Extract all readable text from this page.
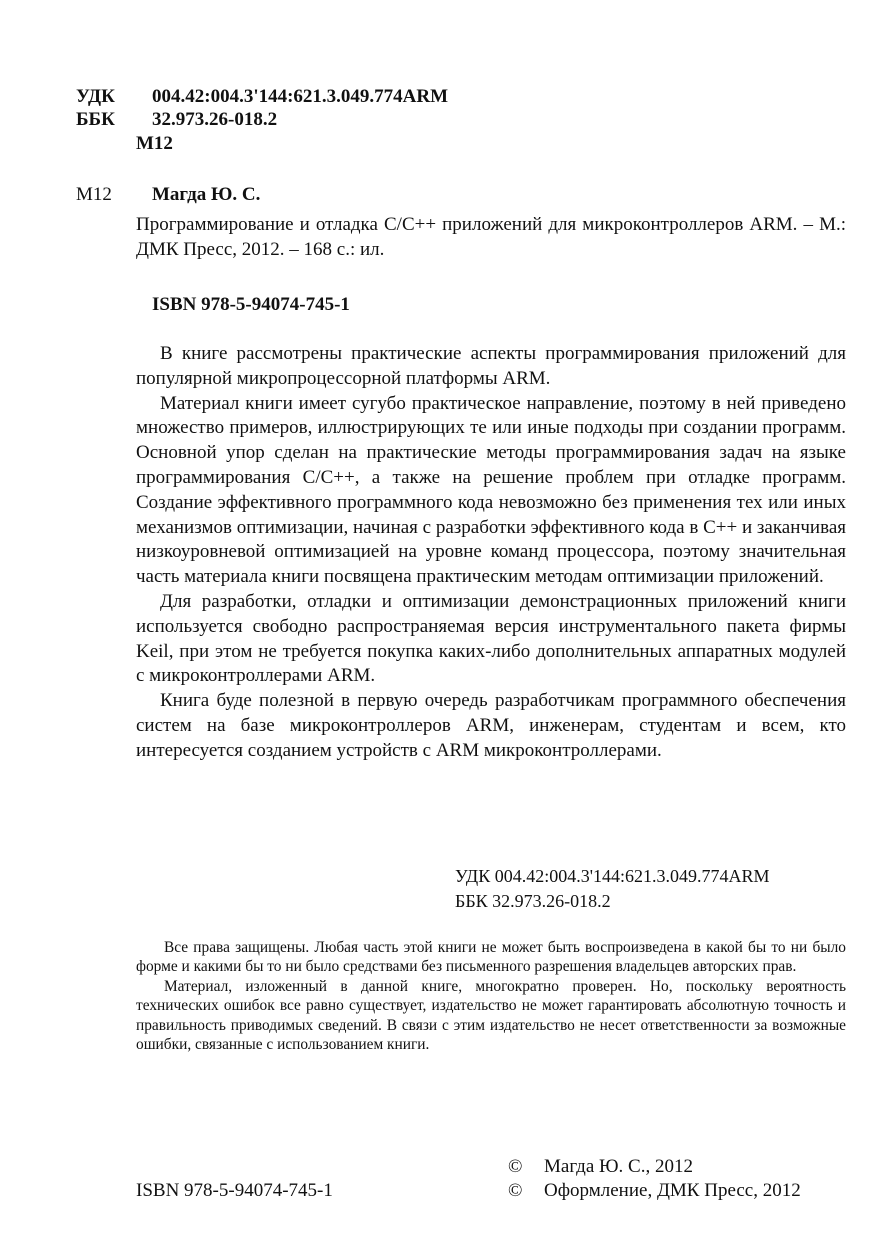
УДК 004.42:004.3'144:621.3.049.774ARM
ББК 32.973.26-018.2
М12
М12 Магда Ю. С.
Программирование и отладка С/С++ приложений для микроконтроллеров ARM. – М.: ДМК Пресс, 2012. – 168 с.: ил.
ISBN 978-5-94074-745-1

В книге рассмотрены практические аспекты программирования приложений для популярной микропроцессорной платформы ARM.

Материал книги имеет сугубо практическое направление, поэтому в ней приведено множество примеров, иллюстрирующих те или иные подходы при создании программ. Основной упор сделан на практические методы программирования задач на языке программирования С/С++, а также на решение проблем при отладке программ. Создание эффективного программного кода невозможно без применения тех или иных механизмов оптимизации, начиная с разработки эффективного кода в С++ и заканчивая низкоуровневой оптимизацией на уровне команд процессора, поэтому значительная часть материала книги посвящена практическим методам оптимизации приложений.

Для разработки, отладки и оптимизации демонстрационных приложений книги используется свободно распространяемая версия инструментального пакета фирмы Keil, при этом не требуется покупка каких-либо дополнительных аппаратных модулей с микроконтроллерами ARM.

Книга буде полезной в первую очередь разработчикам программного обеспечения систем на базе микроконтроллеров ARM, инженерам, студентам и всем, кто интересуется созданием устройств с ARM микроконтроллерами.

УДК 004.42:004.3'144:621.3.049.774ARM
ББК 32.973.26-018.2

Все права защищены. Любая часть этой книги не может быть воспроизведена в какой бы то ни было форме и какими бы то ни было средствами без письменного разрешения владельцев авторских прав.

Материал, изложенный в данной книге, многократно проверен. Но, поскольку вероятность технических ошибок все равно существует, издательство не может гарантировать абсолютную точность и правильность приводимых сведений. В связи с этим издательство не несет ответственности за возможные ошибки, связанные с использованием книги.

©	Магда Ю. С., 2012
©	Оформление, ДМК Пресс, 2012
ISBN 978-5-94074-745-1
